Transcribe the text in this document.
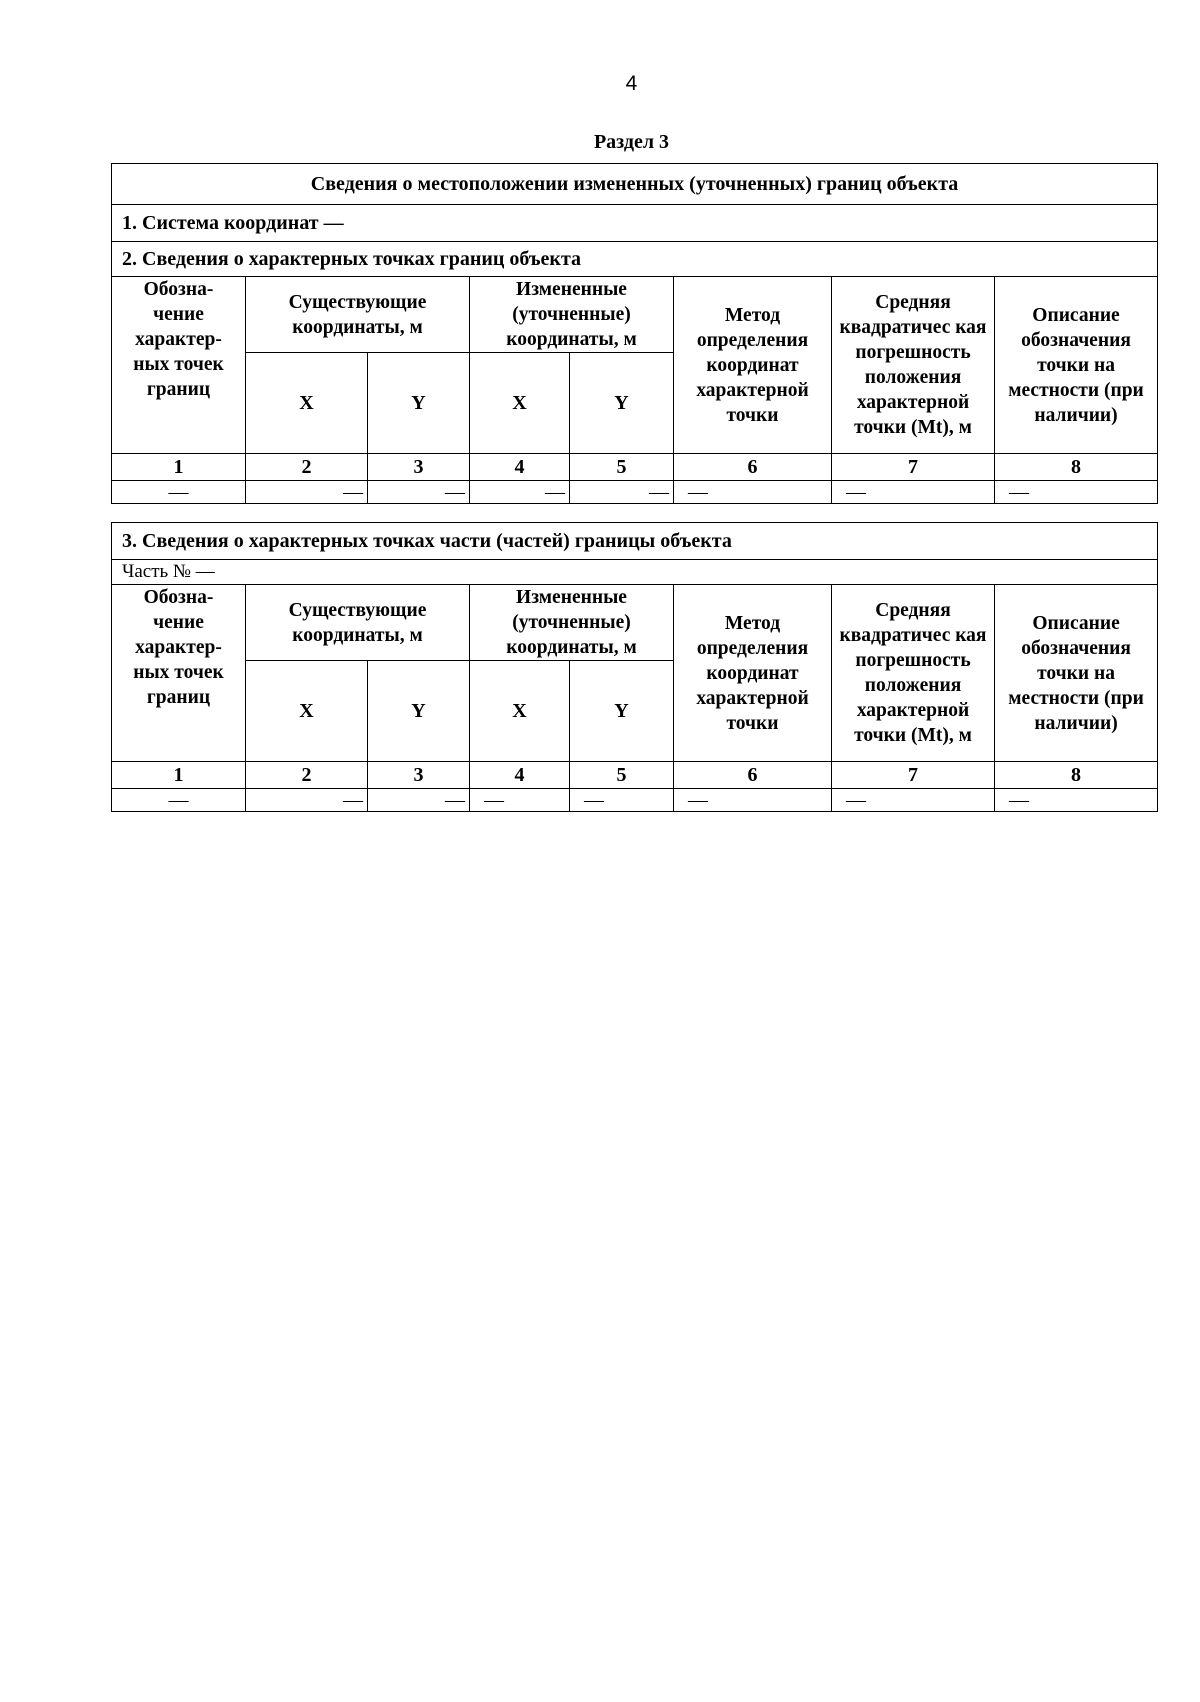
4
Раздел 3
Сведения о местоположении измененных (уточненных) границ объекта							
1. Система координат —							
2. Сведения о характерных точках границ объекта							
Обозна- чение характер- ных точек границ	Существующие координаты, м		Измененные (уточненные) координаты, м		Метод определения координат характерной точки	Средняя квадратичес кая погрешность положения характерной точки (Mt), м	Описание обозначения точки на местности (при наличии)
	X	Y	X	Y			
1	2	3	4	5	6	7	8
—	—	—	—	—	—	—	—
3. Сведения о характерных точках части (частей) границы объекта							
Часть № —							
Обозна- чение характер- ных точек границ	Существующие координаты, м		Измененные (уточненные) координаты, м		Метод определения координат характерной точки	Средняя квадратичес кая погрешность положения характерной точки (Mt), м	Описание обозначения точки на местности (при наличии)
	X	Y	X	Y			
1	2	3	4	5	6	7	8
—	—	—	—	—	—	—	—
